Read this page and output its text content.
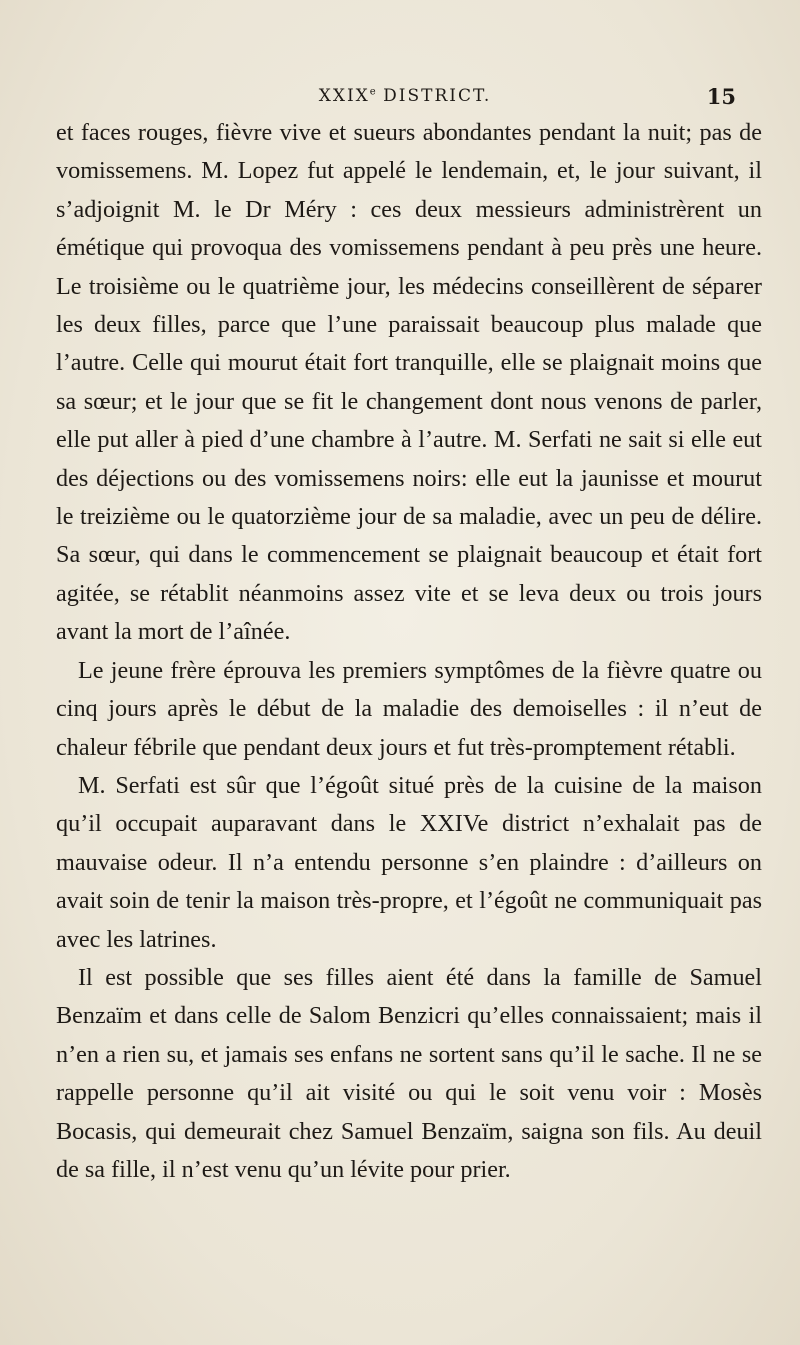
XXIXe DISTRICT.	15

et faces rouges, fièvre vive et sueurs abondantes pendant la nuit; pas de vomissemens. M. Lopez fut appelé le lendemain, et, le jour suivant, il s’adjoignit M. le Dr Méry : ces deux messieurs administrèrent un émétique qui provoqua des vomissemens pendant à peu près une heure. Le troisième ou le quatrième jour, les médecins conseillèrent de séparer les deux filles, parce que l’une paraissait beaucoup plus malade que l’autre. Celle qui mourut était fort tranquille, elle se plaignait moins que sa sœur; et le jour que se fit le changement dont nous venons de parler, elle put aller à pied d’une chambre à l’autre. M. Serfati ne sait si elle eut des déjections ou des vomissemens noirs: elle eut la jaunisse et mourut le treizième ou le quatorzième jour de sa maladie, avec un peu de délire. Sa sœur, qui dans le commencement se plaignait beaucoup et était fort agitée, se rétablit néanmoins assez vite et se leva deux ou trois jours avant la mort de l’aînée.

Le jeune frère éprouva les premiers symptômes de la fièvre quatre ou cinq jours après le début de la maladie des demoiselles : il n’eut de chaleur fébrile que pendant deux jours et fut très-promptement rétabli.

M. Serfati est sûr que l’égoût situé près de la cuisine de la maison qu’il occupait auparavant dans le XXIVe district n’exhalait pas de mauvaise odeur. Il n’a entendu personne s’en plaindre : d’ailleurs on avait soin de tenir la maison très-propre, et l’égoût ne communiquait pas avec les latrines.

Il est possible que ses filles aient été dans la famille de Samuel Benzaïm et dans celle de Salom Benzicri qu’elles connaissaient; mais il n’en a rien su, et jamais ses enfans ne sortent sans qu’il le sache. Il ne se rappelle personne qu’il ait visité ou qui le soit venu voir : Mosès Bocasis, qui demeurait chez Samuel Benzaïm, saigna son fils. Au deuil de sa fille, il n’est venu qu’un lévite pour prier.
